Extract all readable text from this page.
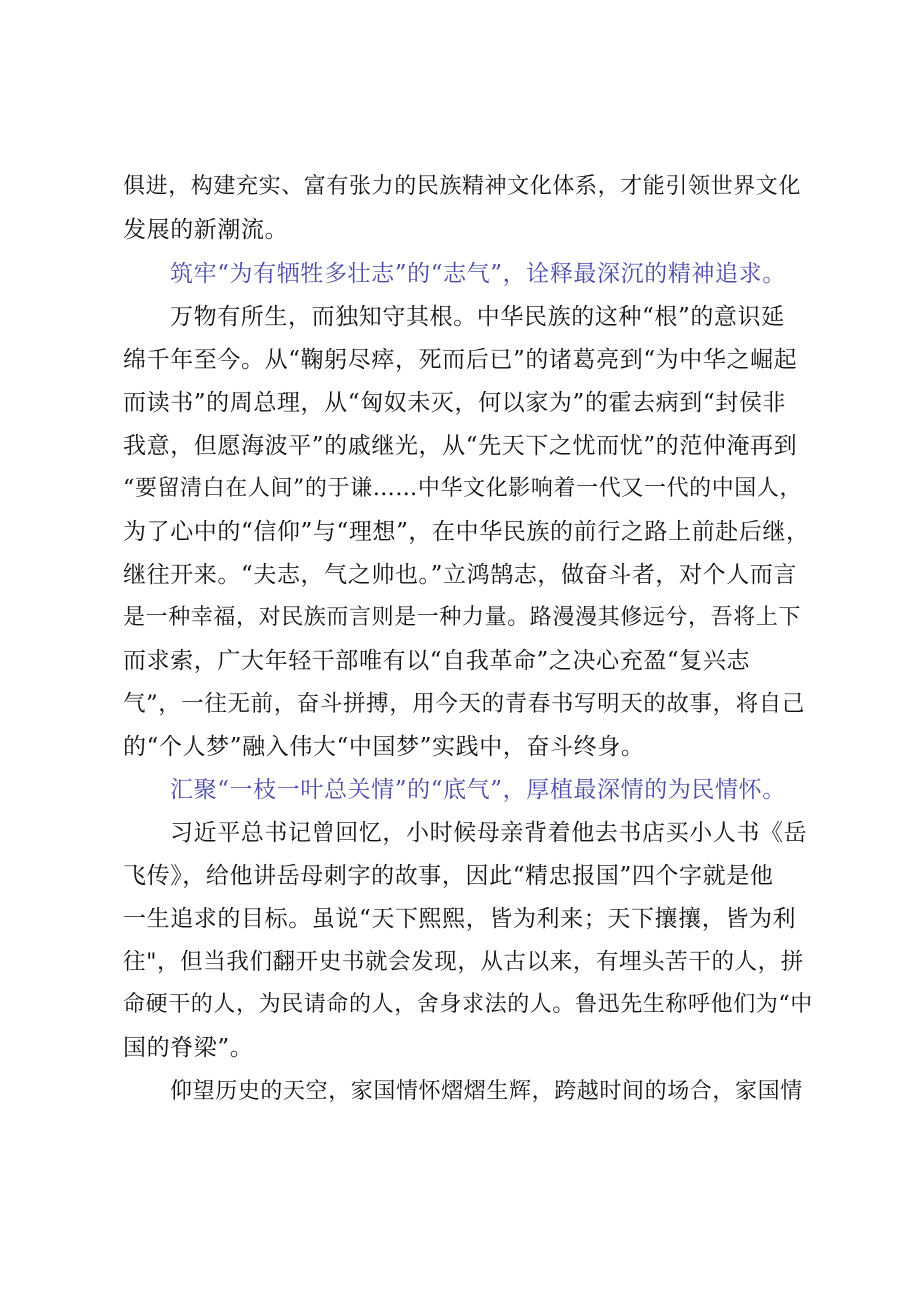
俱进，构建充实、富有张力的民族精神文化体系，才能引领世界文化
发展的新潮流。
筑牢“为有牺牲多壮志”的“志气”，诠释最深沉的精神追求。
万物有所生，而独知守其根。中华民族的这种“根”的意识延
绵千年至今。从“鞠躬尽瘁，死而后已”的诸葛亮到“为中华之崛起
而读书”的周总理，从“匈奴未灭，何以家为”的霍去病到“封侯非
我意，但愿海波平”的戚继光，从“先天下之忧而忧”的范仲淹再到
“要留清白在人间”的于谦……中华文化影响着一代又一代的中国人，
为了心中的“信仰”与“理想”，在中华民族的前行之路上前赴后继，
继往开来。“夫志，气之帅也。”立鸿鹄志，做奋斗者，对个人而言
是一种幸福，对民族而言则是一种力量。路漫漫其修远兮，吾将上下
而求索，广大年轻干部唯有以“自我革命”之决心充盈“复兴志
气”，一往无前，奋斗拼搏，用今天的青春书写明天的故事，将自己
的“个人梦”融入伟大“中国梦”实践中，奋斗终身。
汇聚“一枝一叶总关情”的“底气”，厚植最深情的为民情怀。
习近平总书记曾回忆，小时候母亲背着他去书店买小人书《岳
飞传》，给他讲岳母刺字的故事，因此“精忠报国”四个字就是他
一生追求的目标。虽说“天下熙熙，皆为利来；天下攘攘，皆为利
往"，但当我们翻开史书就会发现，从古以来，有埋头苦干的人，拼
命硬干的人，为民请命的人，舍身求法的人。鲁迅先生称呼他们为“中
国的脊梁”。
仰望历史的天空，家国情怀熠熠生辉，跨越时间的场合，家国情
